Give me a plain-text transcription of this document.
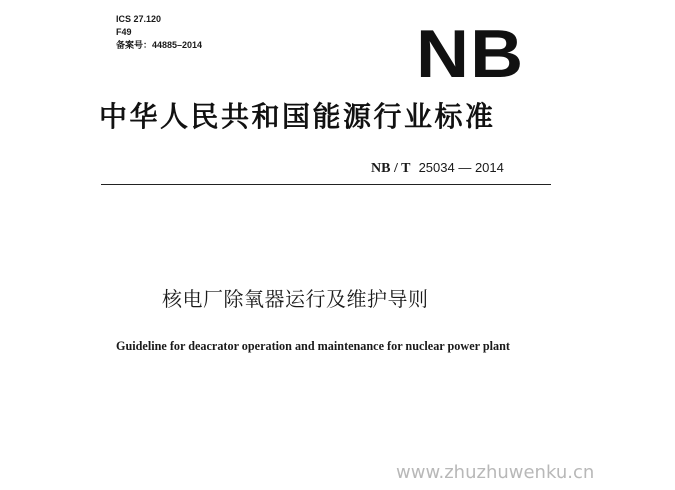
ICS 27.120
F49
备案号：44885–2014	NB
中华人民共和国能源行业标准
NB / T 25034 — 2014
核电厂除氧器运行及维护导则
Guideline for deacrator operation and maintenance for nuclear power plant
www.zhuzhuwenku.cn
